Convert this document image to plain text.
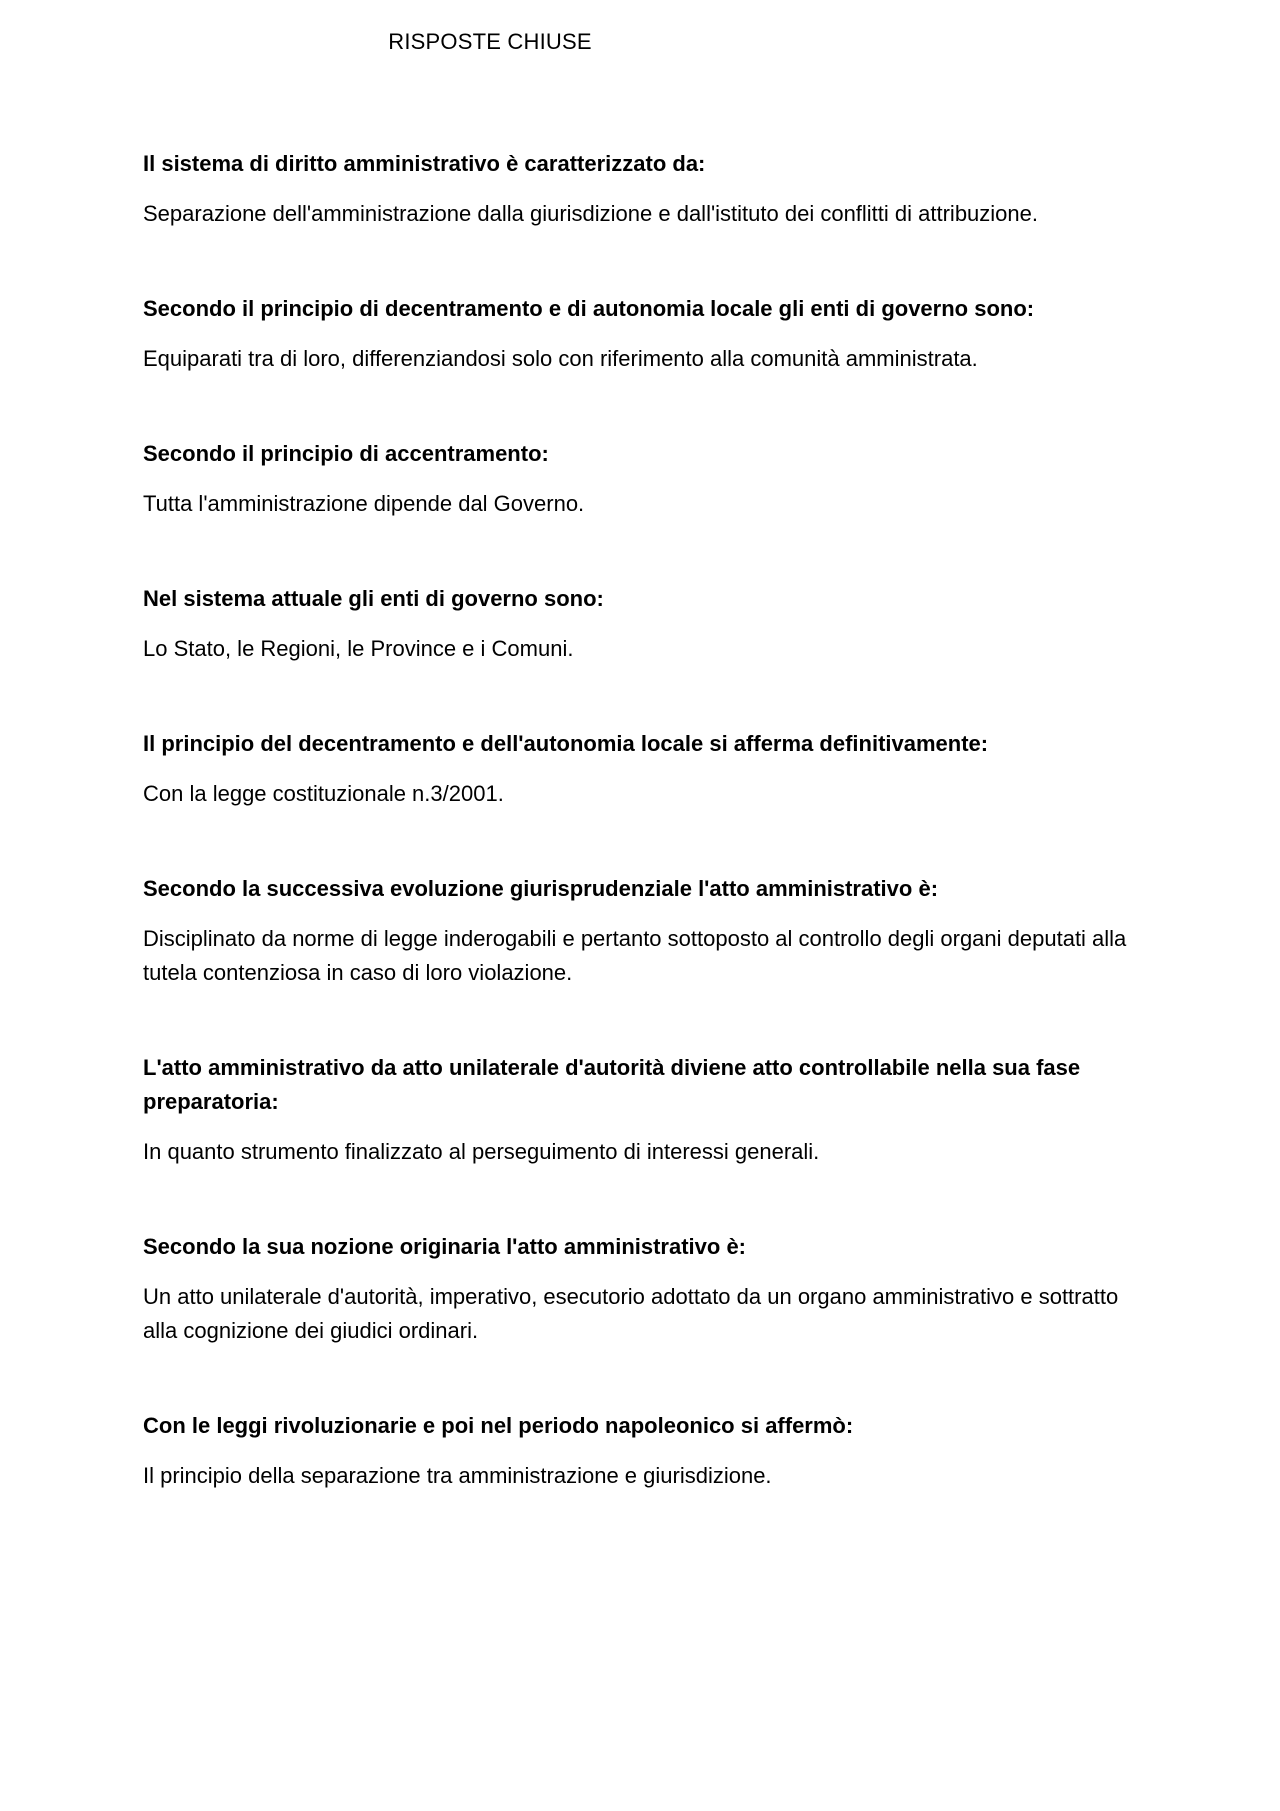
RISPOSTE CHIUSE

Il sistema di diritto amministrativo è caratterizzato da:

Separazione dell'amministrazione dalla giurisdizione e dall'istituto dei conflitti di attribuzione.

Secondo il principio di decentramento e di autonomia locale gli enti di governo sono:

Equiparati tra di loro, differenziandosi solo con riferimento alla comunità amministrata.

Secondo il principio di accentramento:

Tutta l'amministrazione dipende dal Governo.

Nel sistema attuale gli enti di governo sono:

Lo Stato, le Regioni, le Province e i Comuni.

Il principio del decentramento e dell'autonomia locale si afferma definitivamente:

Con la legge costituzionale n.3/2001.

Secondo la successiva evoluzione giurisprudenziale l'atto amministrativo è:

Disciplinato da norme di legge inderogabili e pertanto sottoposto al controllo degli organi deputati alla tutela contenziosa in caso di loro violazione.

L'atto amministrativo da atto unilaterale d'autorità diviene atto controllabile nella sua fase preparatoria:

In quanto strumento finalizzato al perseguimento di interessi generali.

Secondo la sua nozione originaria l'atto amministrativo è:

Un atto unilaterale d'autorità, imperativo, esecutorio adottato da un organo amministrativo e sottratto alla cognizione dei giudici ordinari.

Con le leggi rivoluzionarie e poi nel periodo napoleonico si affermò:

Il principio della separazione tra amministrazione e giurisdizione.
